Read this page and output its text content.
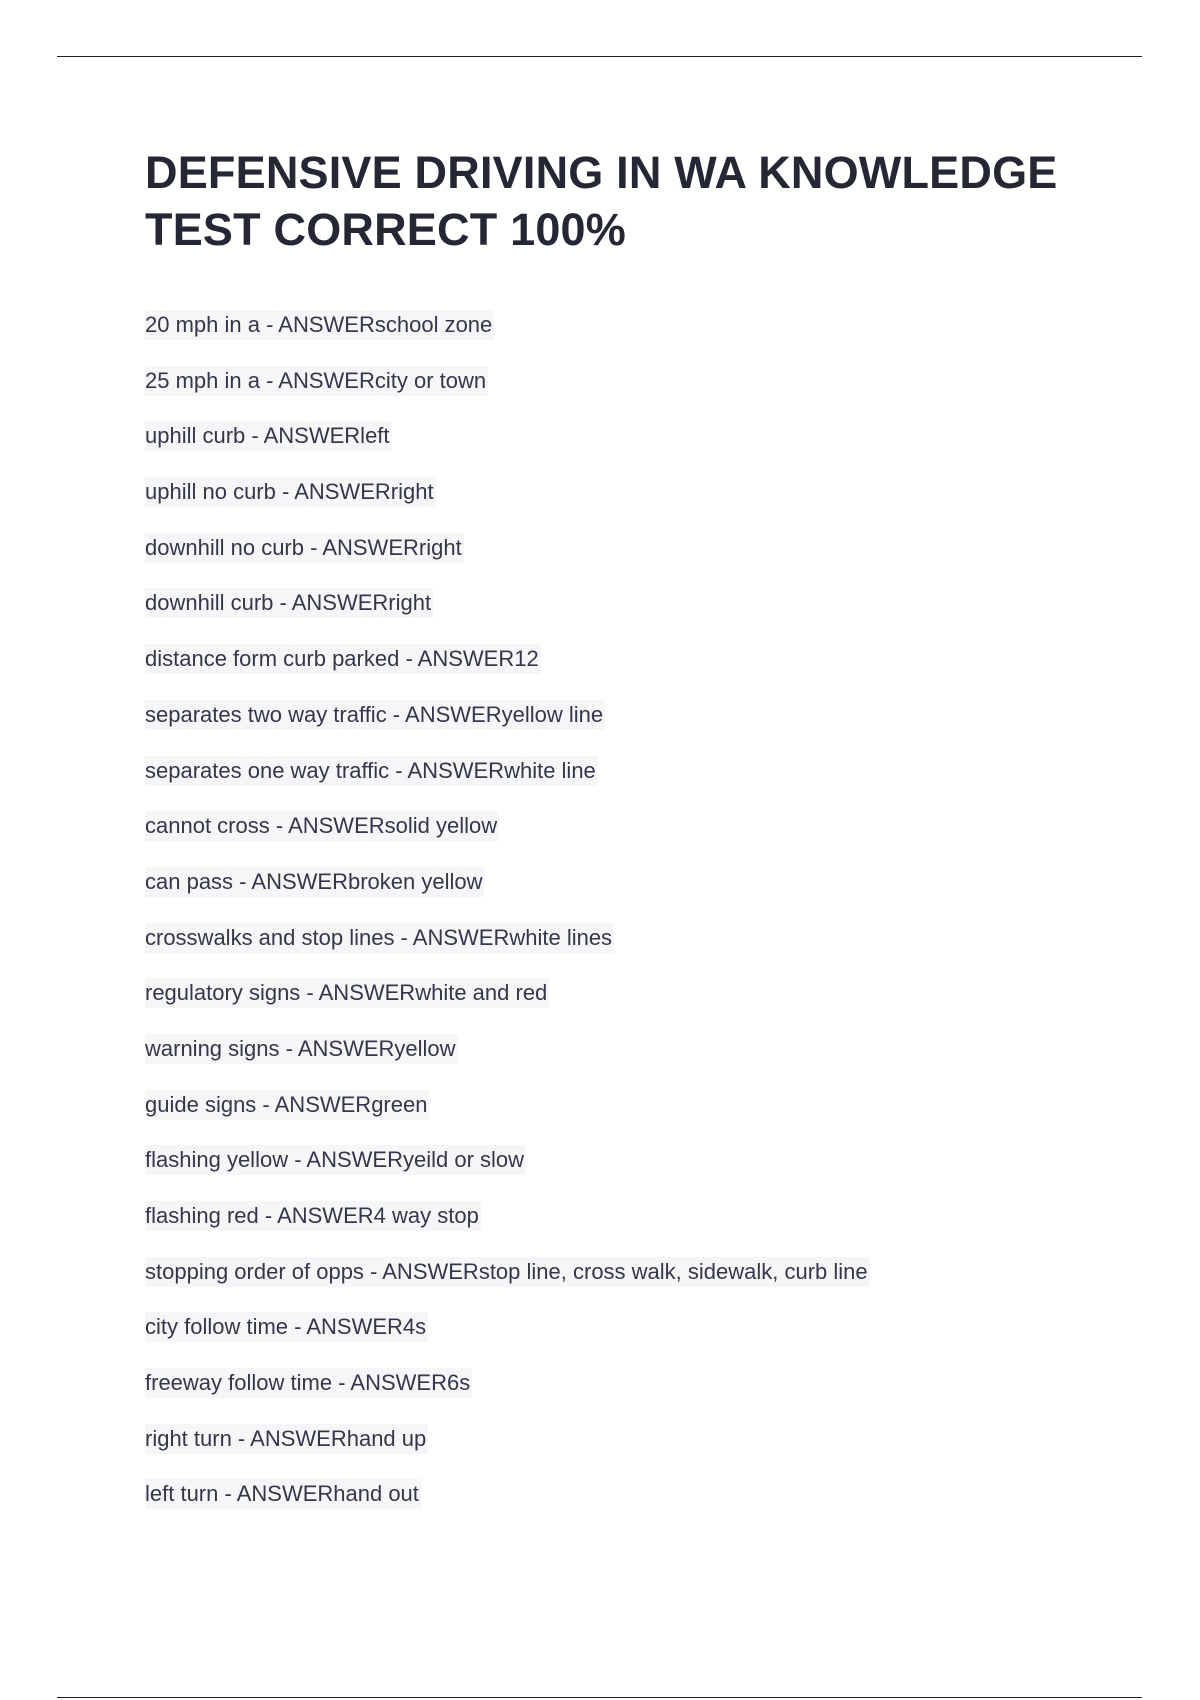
DEFENSIVE DRIVING IN WA KNOWLEDGE TEST CORRECT 100%
20 mph in a - ANSWERschool zone
25 mph in a - ANSWERcity or town
uphill curb - ANSWERleft
uphill no curb - ANSWERright
downhill no curb - ANSWERright
downhill curb - ANSWERright
distance form curb parked - ANSWER12
separates two way traffic - ANSWERyellow line
separates one way traffic - ANSWERwhite line
cannot cross - ANSWERsolid yellow
can pass - ANSWERbroken yellow
crosswalks and stop lines - ANSWERwhite lines
regulatory signs - ANSWERwhite and red
warning signs - ANSWERyellow
guide signs - ANSWERgreen
flashing yellow - ANSWERyeild or slow
flashing red - ANSWER4 way stop
stopping order of opps - ANSWERstop line, cross walk, sidewalk, curb line
city follow time - ANSWER4s
freeway follow time - ANSWER6s
right turn - ANSWERhand up
left turn - ANSWERhand out
